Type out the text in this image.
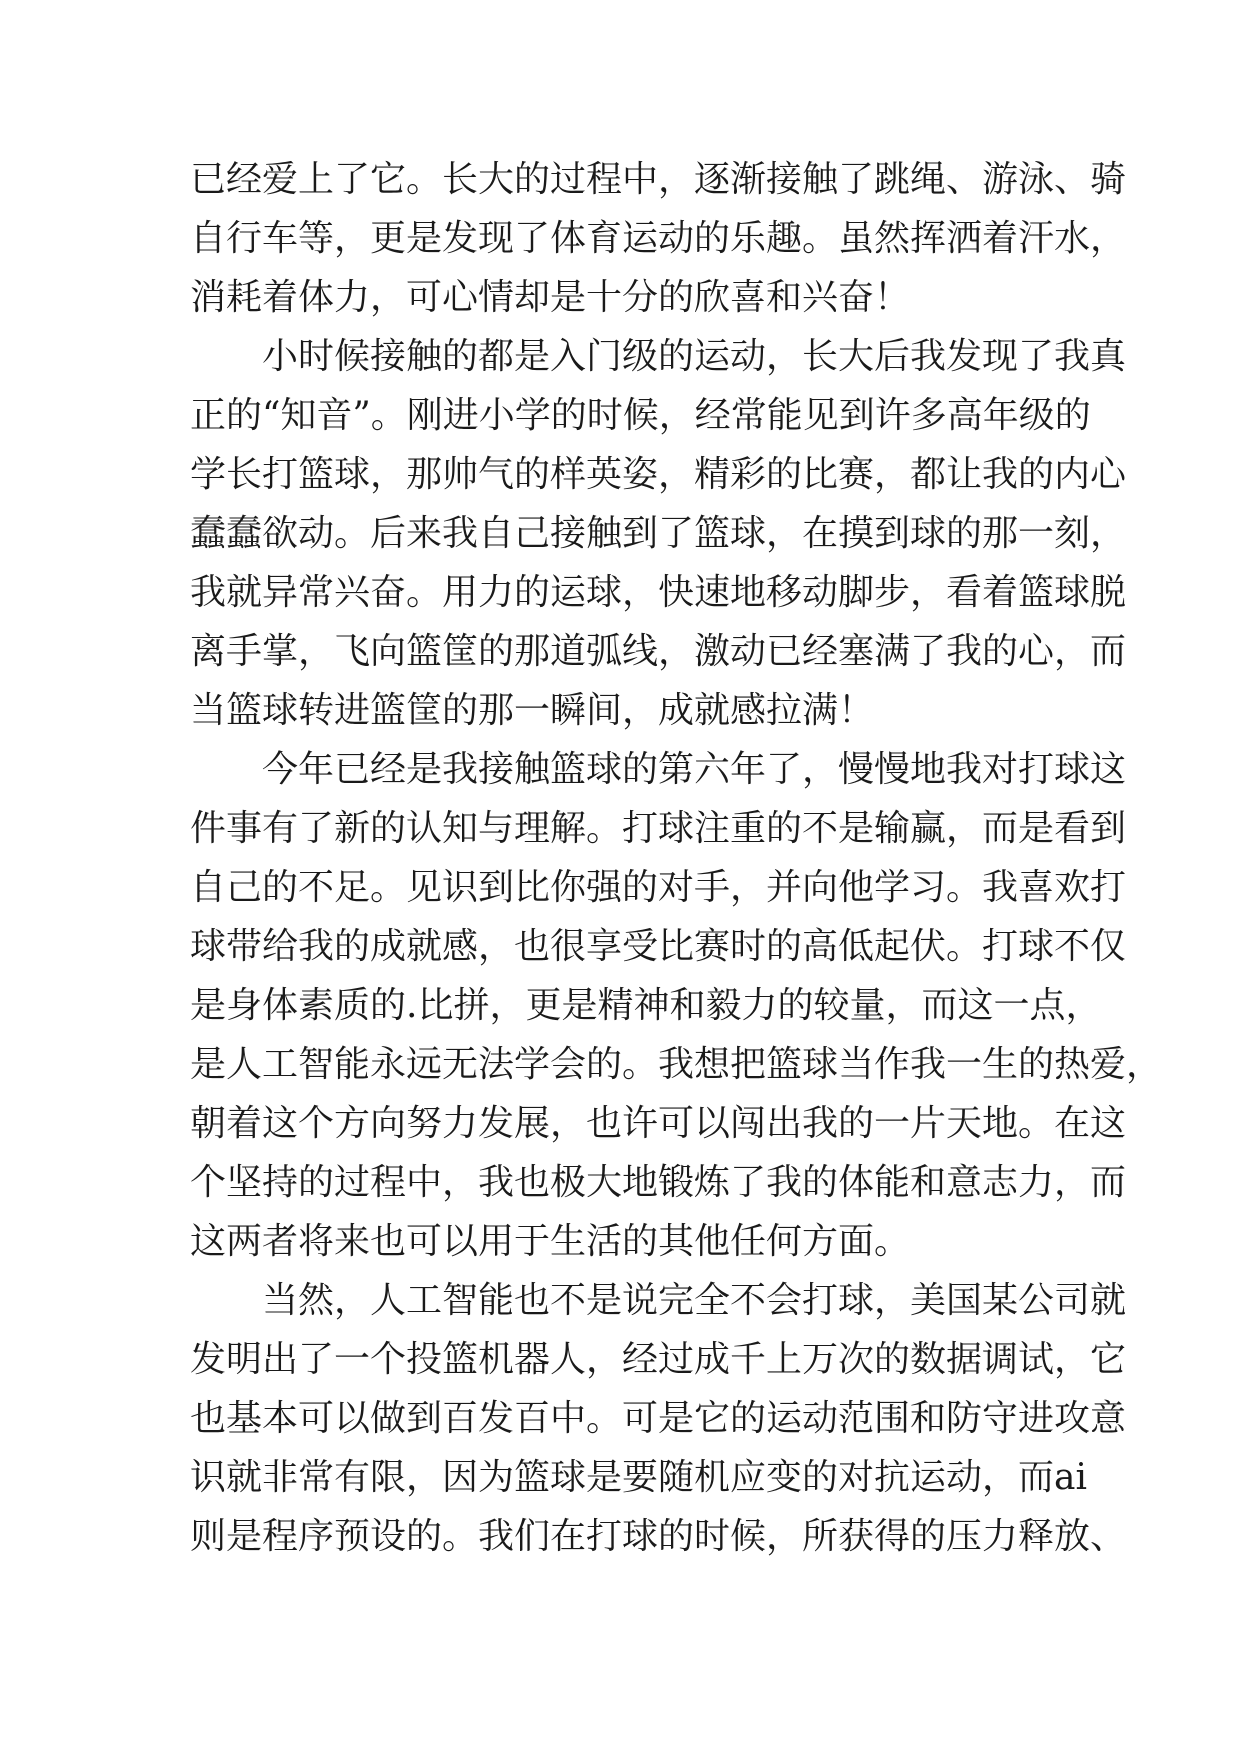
已经爱上了它。长大的过程中，逐渐接触了跳绳、游泳、骑
自行车等，更是发现了体育运动的乐趣。虽然挥洒着汗水，
消耗着体力，可心情却是十分的欣喜和兴奋！
小时候接触的都是入门级的运动，长大后我发现了我真
正的“知音”。刚进小学的时候，经常能见到许多高年级的
学长打篮球，那帅气的样英姿，精彩的比赛，都让我的内心
蠢蠢欲动。后来我自己接触到了篮球，在摸到球的那一刻，
我就异常兴奋。用力的运球，快速地移动脚步，看着篮球脱
离手掌，飞向篮筐的那道弧线，激动已经塞满了我的心，而
当篮球转进篮筐的那一瞬间，成就感拉满！
今年已经是我接触篮球的第六年了，慢慢地我对打球这
件事有了新的认知与理解。打球注重的不是输赢，而是看到
自己的不足。见识到比你强的对手，并向他学习。我喜欢打
球带给我的成就感，也很享受比赛时的高低起伏。打球不仅
是身体素质的.比拼，更是精神和毅力的较量，而这一点，
是人工智能永远无法学会的。我想把篮球当作我一生的热爱，
朝着这个方向努力发展，也许可以闯出我的一片天地。在这
个坚持的过程中，我也极大地锻炼了我的体能和意志力，而
这两者将来也可以用于生活的其他任何方面。
当然，人工智能也不是说完全不会打球，美国某公司就
发明出了一个投篮机器人，经过成千上万次的数据调试，它
也基本可以做到百发百中。可是它的运动范围和防守进攻意
识就非常有限，因为篮球是要随机应变的对抗运动，而ai
则是程序预设的。我们在打球的时候，所获得的压力释放、
